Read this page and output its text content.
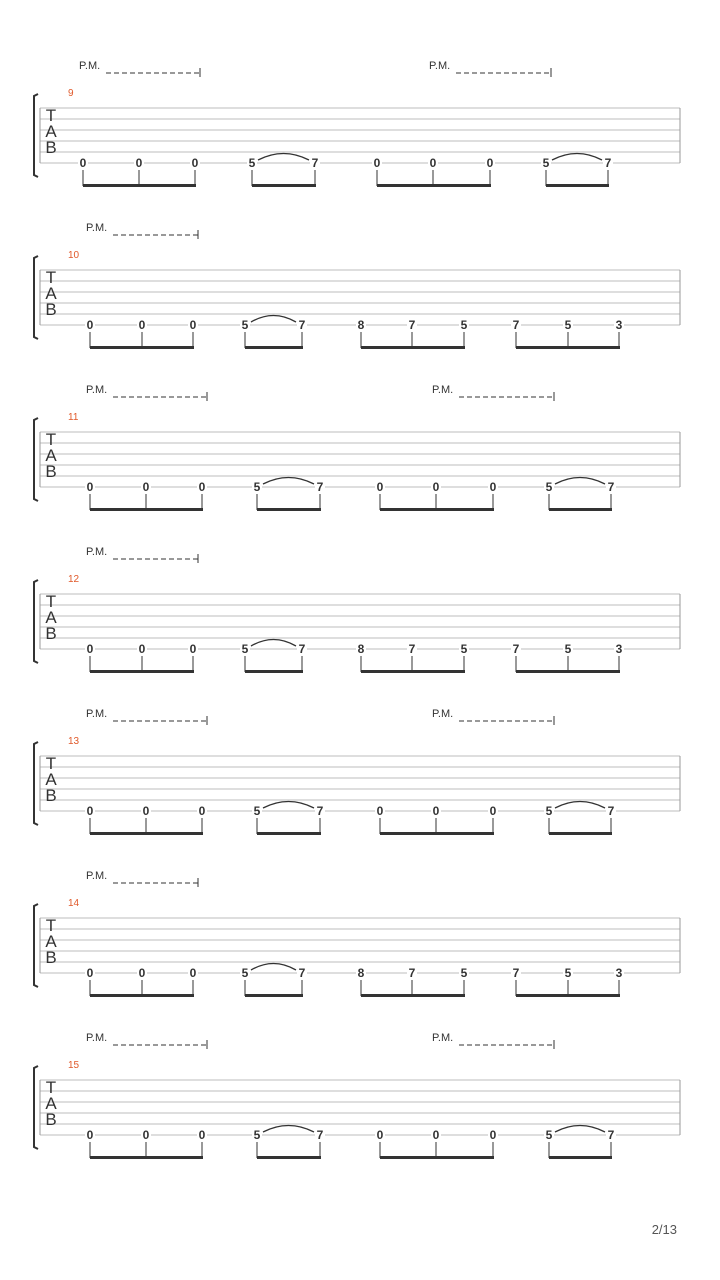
T
A
B
9
P.M.	P.M.
0	0	0	5	7	0	0	0	5	7
T
A
B
10
P.M.
0	0	0	5	7	8	7	5	7	5	3
T
A
B
11
P.M.	P.M.
0	0	0	5	7	0	0	0	5	7
T
A
B
12
P.M.
0	0	0	5	7	8	7	5	7	5	3
T
A
B
13
P.M.	P.M.
0	0	0	5	7	0	0	0	5	7
T
A
B
14
P.M.
0	0	0	5	7	8	7	5	7	5	3
T
A
B
15
P.M.	P.M.
0	0	0	5	7	0	0	0	5	7
2/13
